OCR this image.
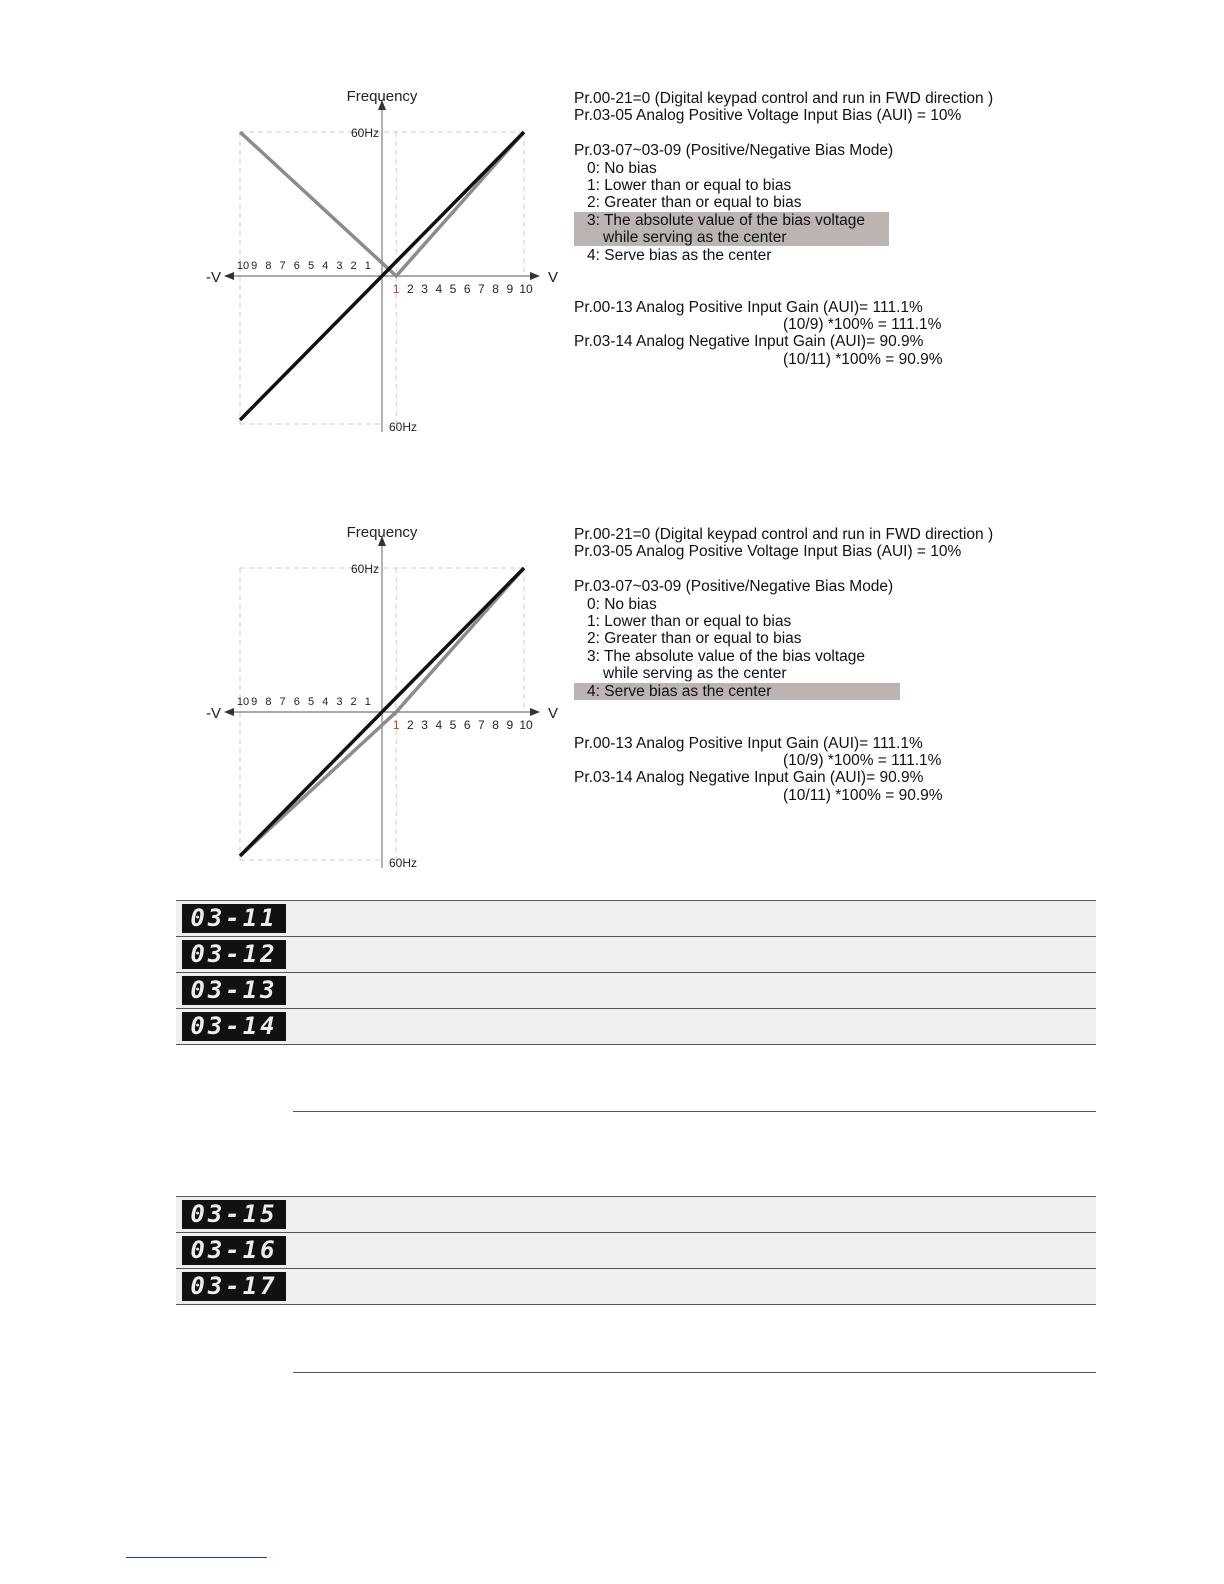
Frequency
60Hz
60Hz
-V	V
10 9 8 7 6 5 4 3 2 1
1 2 3 4 5 6 7 8 9 10
Pr.00-21=0 (Digital keypad control and run in FWD direction )
Pr.03-05 Analog Positive Voltage Input Bias (AUI) = 10%
Pr.03-07~03-09 (Positive/Negative Bias Mode)
0: No bias
1: Lower than or equal to bias
2: Greater than or equal to bias
3: The absolute value of the bias voltage
while serving as the center
4: Serve bias as the center
Pr.00-13 Analog Positive Input Gain (AUI)= 111.1%
(10/9) *100% = 111.1%
Pr.03-14 Analog Negative Input Gain (AUI)= 90.9%
(10/11) *100% = 90.9%
Frequency
60Hz
60Hz
-V	V
10 9 8 7 6 5 4 3 2 1
1 2 3 4 5 6 7 8 9 10
Pr.00-21=0 (Digital keypad control and run in FWD direction )
Pr.03-05 Analog Positive Voltage Input Bias (AUI) = 10%
Pr.03-07~03-09 (Positive/Negative Bias Mode)
0: No bias
1: Lower than or equal to bias
2: Greater than or equal to bias
3: The absolute value of the bias voltage
while serving as the center
4: Serve bias as the center
Pr.00-13 Analog Positive Input Gain (AUI)= 111.1%
(10/9) *100% = 111.1%
Pr.03-14 Analog Negative Input Gain (AUI)= 90.9%
(10/11) *100% = 90.9%
03-11
03-12
03-13
03-14
03-15
03-16
03-17
